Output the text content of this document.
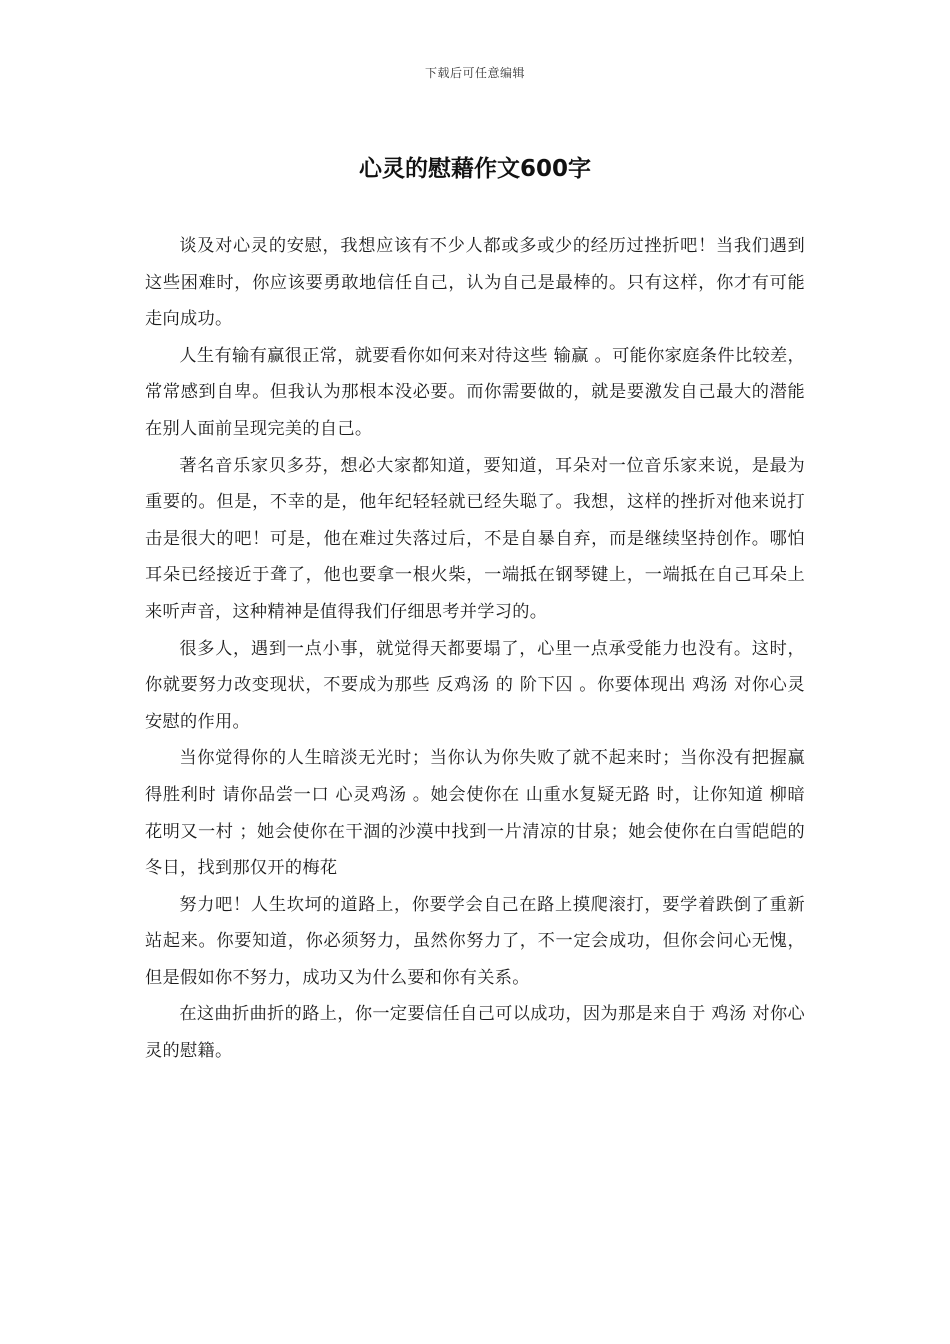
下载后可任意编辑
心灵的慰藉作文600字

谈及对心灵的安慰，我想应该有不少人都或多或少的经历过挫折吧！当我们遇到这些困难时，你应该要勇敢地信任自己，认为自己是最棒的。只有这样，你才有可能走向成功。

人生有输有赢很正常，就要看你如何来对待这些 输赢 。可能你家庭条件比较差，常常感到自卑。但我认为那根本没必要。而你需要做的，就是要激发自己最大的潜能在别人面前呈现完美的自己。

著名音乐家贝多芬，想必大家都知道，要知道，耳朵对一位音乐家来说，是最为重要的。但是，不幸的是，他年纪轻轻就已经失聪了。我想，这样的挫折对他来说打击是很大的吧！可是，他在难过失落过后，不是自暴自弃，而是继续坚持创作。哪怕耳朵已经接近于聋了，他也要拿一根火柴，一端抵在钢琴键上，一端抵在自己耳朵上来听声音，这种精神是值得我们仔细思考并学习的。

很多人，遇到一点小事，就觉得天都要塌了，心里一点承受能力也没有。这时，你就要努力改变现状，不要成为那些 反鸡汤 的 阶下囚 。你要体现出 鸡汤 对你心灵安慰的作用。

当你觉得你的人生暗淡无光时；当你认为你失败了就不起来时；当你没有把握赢得胜利时 请你品尝一口 心灵鸡汤 。她会使你在 山重水复疑无路 时，让你知道 柳暗花明又一村 ；她会使你在干涸的沙漠中找到一片清凉的甘泉；她会使你在白雪皑皑的冬日，找到那仅开的梅花

努力吧！人生坎坷的道路上，你要学会自己在路上摸爬滚打，要学着跌倒了重新站起来。你要知道，你必须努力，虽然你努力了，不一定会成功，但你会问心无愧，但是假如你不努力，成功又为什么要和你有关系。

在这曲折曲折的路上，你一定要信任自己可以成功，因为那是来自于 鸡汤 对你心灵的慰籍。
